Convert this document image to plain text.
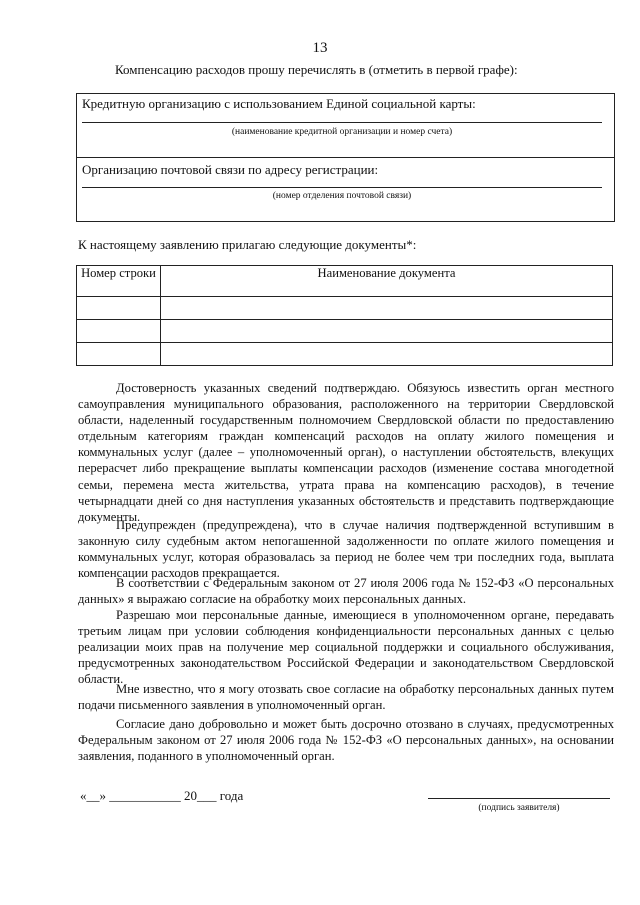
13
Компенсацию расходов прошу перечислять в (отметить в первой графе):
Кредитную организацию с использованием Единой социальной карты:
(наименование кредитной организации и номер счета)
Организацию почтовой связи по адресу регистрации:
(номер отделения почтовой связи)
К настоящему заявлению прилагаю следующие документы*:
Номер строки	Наименование документа

Достоверность указанных сведений подтверждаю. Обязуюсь известить орган местного самоуправления муниципального образования, расположенного на территории Свердловской области, наделенный государственным полномочием Свердловской области по предоставлению отдельным категориям граждан компенсаций расходов на оплату жилого помещения и коммунальных услуг (далее – уполномоченный орган), о наступлении обстоятельств, влекущих перерасчет либо прекращение выплаты компенсации расходов (изменение состава многодетной семьи, перемена места жительства, утрата права на компенсацию расходов), в течение четырнадцати дней со дня наступления указанных обстоятельств и представить подтверждающие документы.

Предупрежден (предупреждена), что в случае наличия подтвержденной вступившим в законную силу судебным актом непогашенной задолженности по оплате жилого помещения и коммунальных услуг, которая образовалась за период не более чем три последних года, выплата компенсации расходов прекращается.

В соответствии с Федеральным законом от 27 июля 2006 года № 152-ФЗ «О персональных данных» я выражаю согласие на обработку моих персональных данных.

Разрешаю мои персональные данные, имеющиеся в уполномоченном органе, передавать третьим лицам при условии соблюдения конфиденциальности персональных данных с целью реализации моих прав на получение мер социальной поддержки и социального обслуживания, предусмотренных законодательством Российской Федерации и законодательством Свердловской области.

Мне известно, что я могу отозвать свое согласие на обработку персональных данных путем подачи письменного заявления в уполномоченный орган.

Согласие дано добровольно и может быть досрочно отозвано в случаях, предусмотренных Федеральным законом от 27 июля 2006 года № 152-ФЗ «О персональных данных», на основании заявления, поданного в уполномоченный орган.

«__» ___________ 20___ года
(подпись заявителя)
